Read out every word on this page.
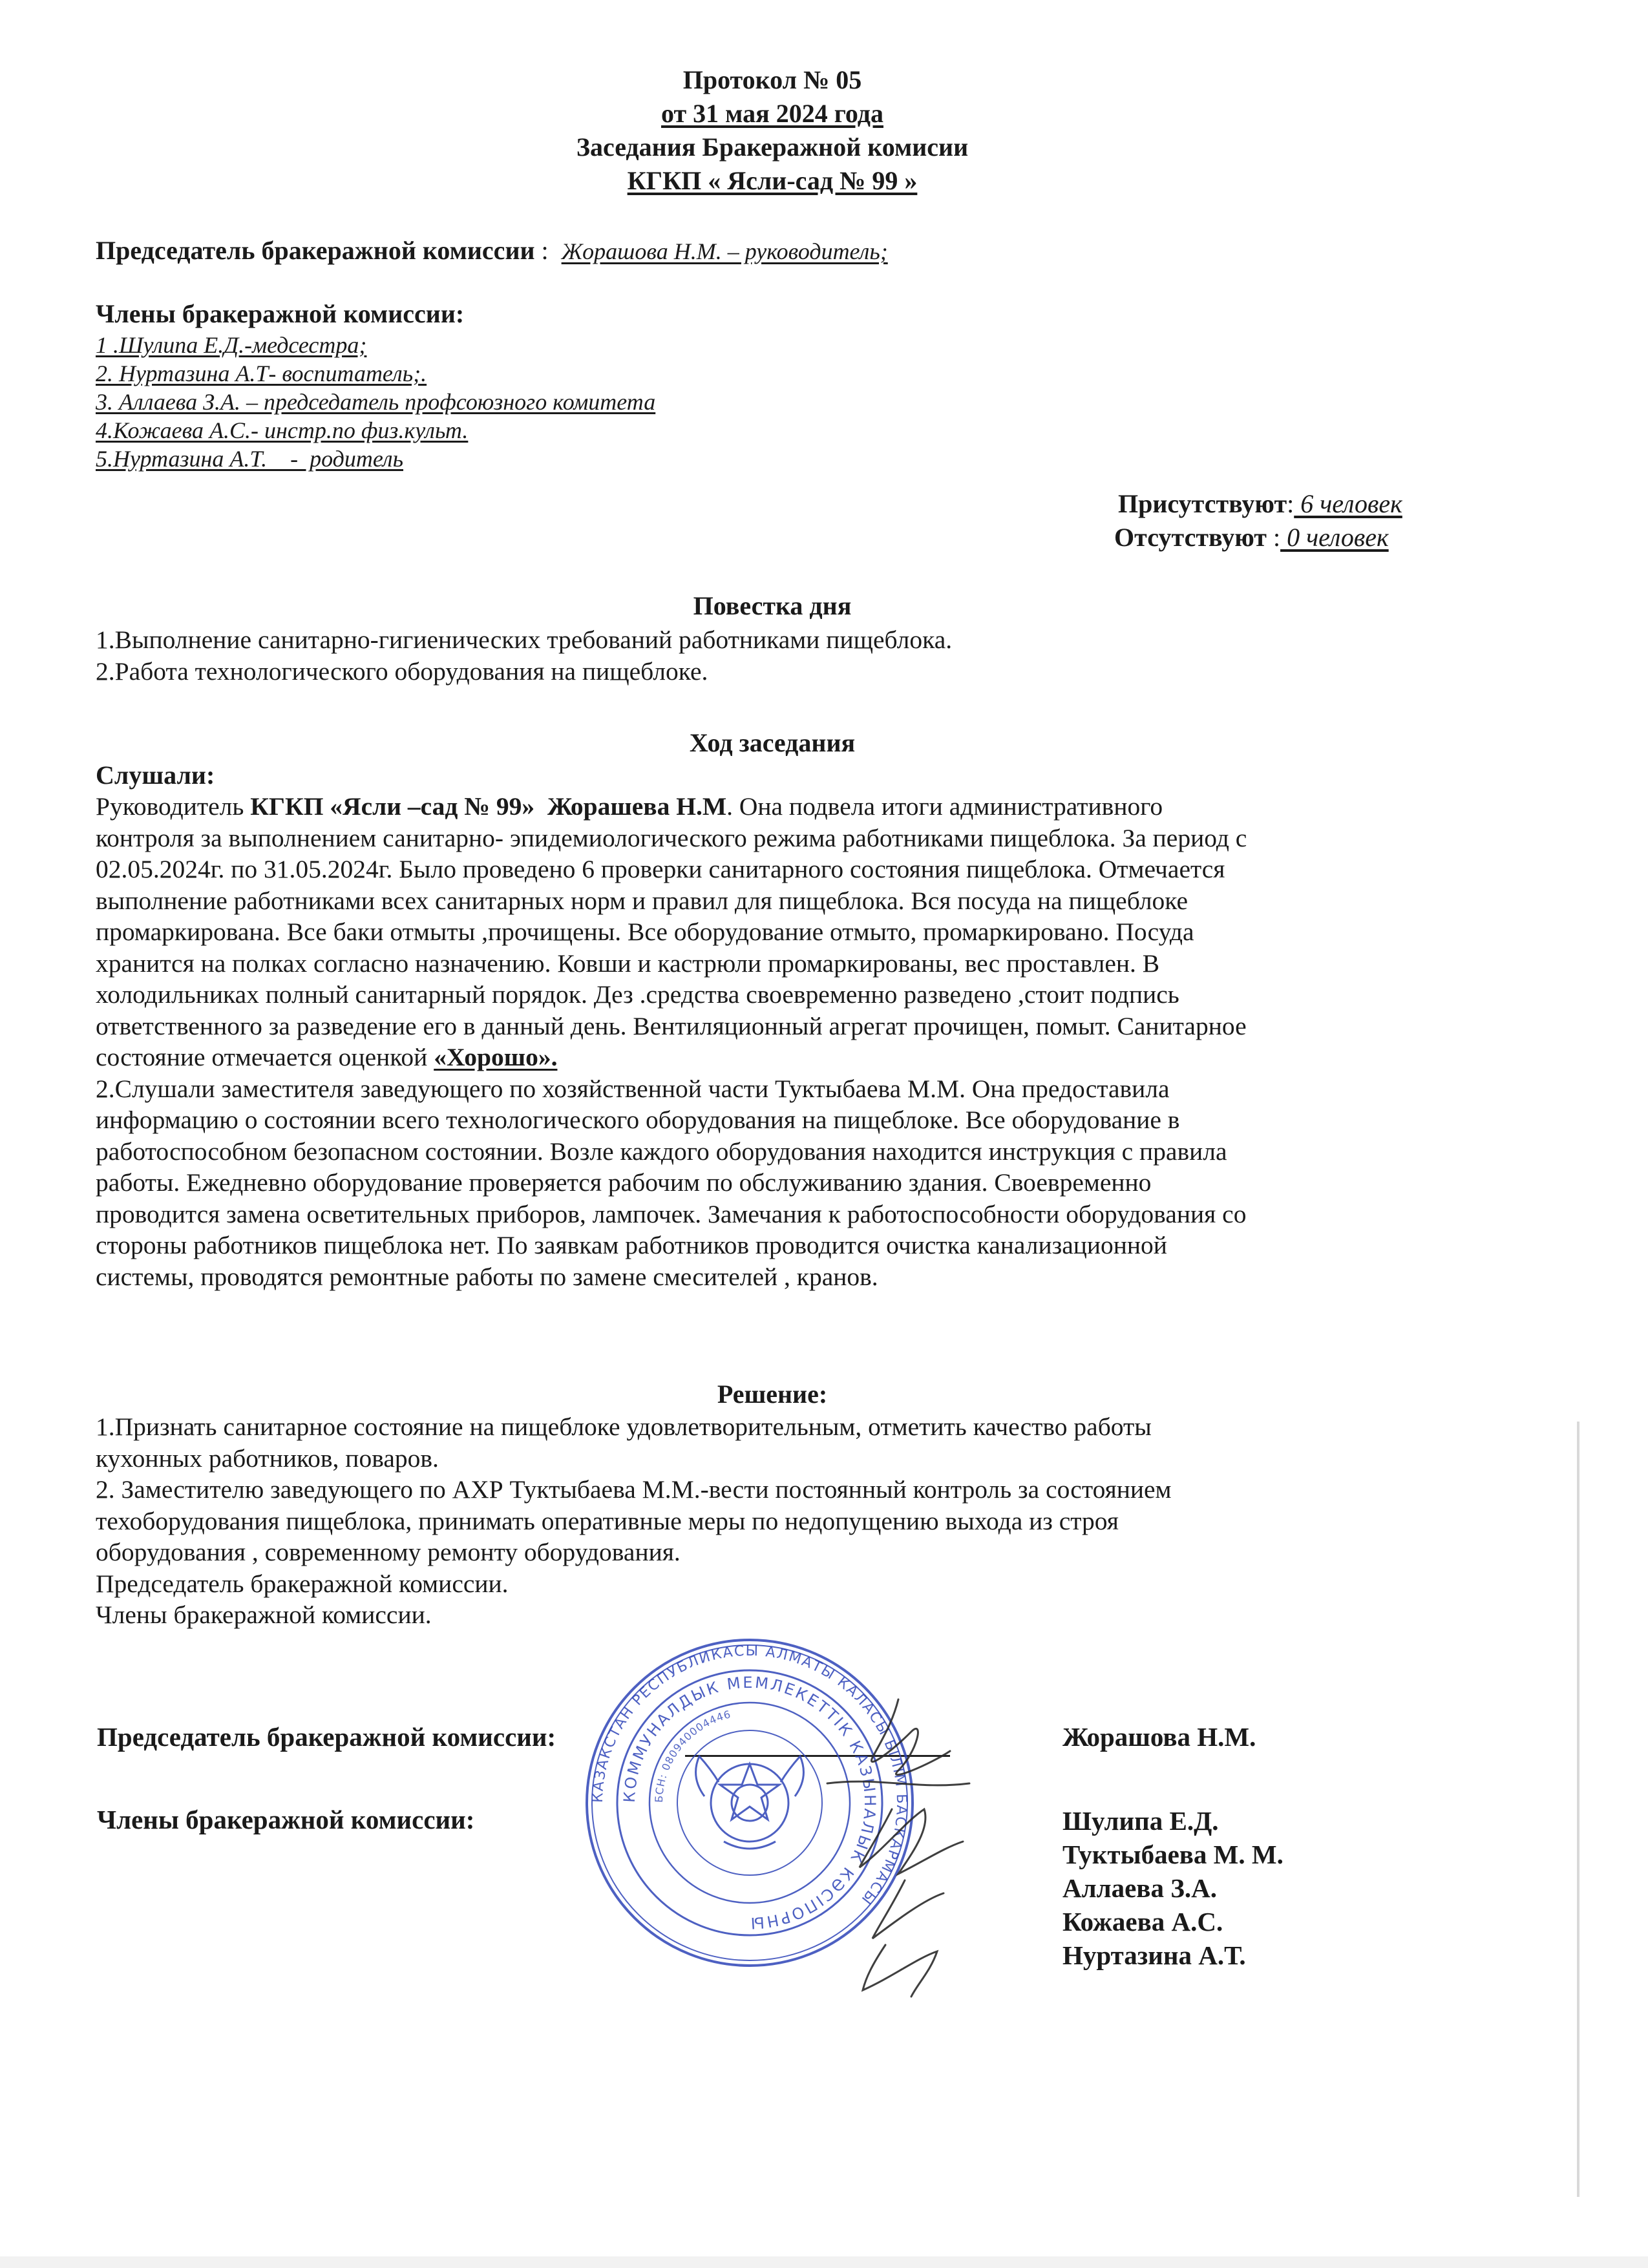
Протокол № 05
от 31 мая 2024 года
Заседания Бракеражной комисии
КГКП « Ясли-сад № 99 »
Председатель бракеражной комиссии :  Жорашова Н.М. – руководитель;
Члены бракеражной комиссии:
1 .Шулипа Е.Д.-медсестра;
2. Нуртазина А.Т- воспитатель;.
3. Аллаева З.А. – председатель профсоюзного комитета
4.Кожаева А.С.- инстр.по физ.культ.
5.Нуртазина А.Т.    -  родитель
Присутствуют: 6 человек
Отсутствуют : 0 человек
Повестка дня
1.Выполнение санитарно-гигиенических требований работниками пищеблока.
2.Работа технологического оборудования на пищеблоке.
Ход заседания
Слушали:
Руководитель КГКП «Ясли –сад № 99»  Жорашева Н.М. Она подвела итоги административного
контроля за выполнением санитарно- эпидемиологического режима работниками пищеблока. За период с
02.05.2024г. по 31.05.2024г. Было проведено 6 проверки санитарного состояния пищеблока. Отмечается
выполнение работниками всех санитарных норм и правил для пищеблока. Вся посуда на пищеблоке
промаркирована. Все баки отмыты ,прочищены. Все оборудование отмыто, промаркировано. Посуда
хранится на полках согласно назначению. Ковши и кастрюли промаркированы, вес проставлен. В
холодильниках полный санитарный порядок. Дез .средства своевременно разведено ,стоит подпись
ответственного за разведение его в данный день. Вентиляционный агрегат прочищен, помыт. Санитарное
состояние отмечается оценкой «Хорошо».
2.Слушали заместителя заведующего по хозяйственной части Туктыбаева М.М. Она предоставила
информацию о состоянии всего технологического оборудования на пищеблоке. Все оборудование в
работоспособном безопасном состоянии. Возле каждого оборудования находится инструкция с правила
работы. Ежедневно оборудование проверяется рабочим по обслуживанию здания. Своевременно
проводится замена осветительных приборов, лампочек. Замечания к работоспособности оборудования со
стороны работников пищеблока нет. По заявкам работников проводится очистка канализационной
системы, проводятся ремонтные работы по замене смесителей , кранов.
Решение:
1.Признать санитарное состояние на пищеблоке удовлетворительным, отметить качество работы
кухонных работников, поваров.
2. Заместителю заведующего по АХР Туктыбаева М.М.-вести постоянный контроль за состоянием
техоборудования пищеблока, принимать оперативные меры по недопущению выхода из строя
оборудования , современному ремонту оборудования.
Председатель бракеражной комиссии.
Члены бракеражной комиссии.
Председатель бракеражной комиссии:	Жорашова Н.М.
Члены бракеражной комиссии:	Шулипа Е.Д.
Туктыбаева М. М.
Аллаева З.А.
Кожаева А.С.
Нуртазина А.Т.
КАЗАКСТАН РЕСПУБЛИКАСЫ АЛМАТЫ КАЛАСЫ БІЛІМ БАСКАРМАСЫ
КОММУНАЛДЫК МЕМЛЕКЕТТІК КАЗЫНАЛЫК КӘСІПОРНЫ
БСН: 080940004446
